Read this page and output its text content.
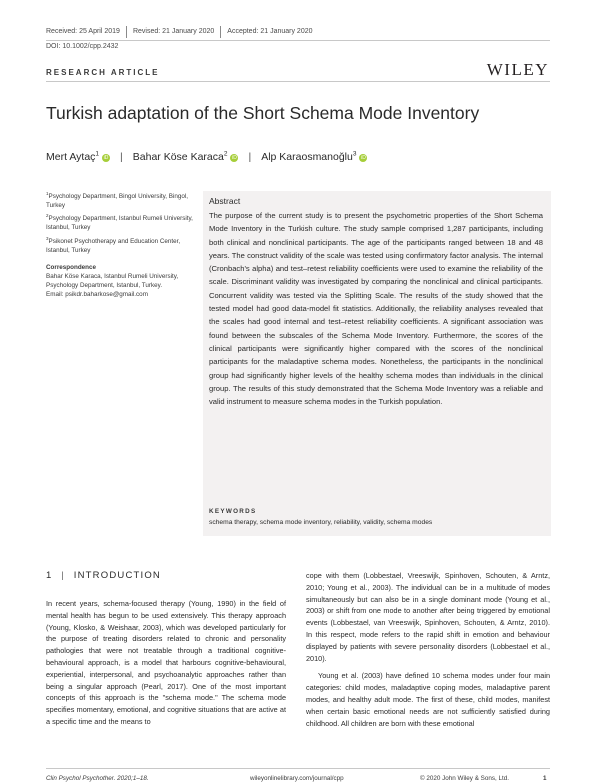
Received: 25 April 2019 Revised: 21 January 2020 Accepted: 21 January 2020
DOI: 10.1002/cpp.2432
RESEARCH ARTICLE	WILEY
Turkish adaptation of the Short Schema Mode Inventory
Mert Aytaç$^1$iD | Bahar Köse Karaca$^2$iD | Alp Karaosmanoğlu$^3$iD
$^1$Psychology Department, Bingol University, Bingol, Turkey
$^2$Psychology Department, Istanbul Rumeli University, Istanbul, Turkey
$^3$Psikonet Psychotherapy and Education Center, Istanbul, Turkey
Correspondence
Bahar Köse Karaca, Istanbul Rumeli University, Psychology Department, Istanbul, Turkey.
Email: psikdr.baharkose@gmail.com
Abstract
The purpose of the current study is to present the psychometric properties of the Short Schema Mode Inventory in the Turkish culture. The study sample comprised 1,287 participants, including both clinical and nonclinical participants. The age of the participants ranged between 18 and 48 years. The construct validity of the scale was tested using confirmatory factor analysis. The internal (Cronbach's alpha) and test–retest reliability coefficients were used to examine the reliability of the scale. Discriminant validity was investigated by comparing the nonclinical and clinical participants. Concurrent validity was tested via the Splitting Scale. The results of the study showed that the tested model had good data-model fit statistics. Additionally, the reliability analyses revealed that the scales had good internal and test–retest reliability coefficients. A significant association was found between the subscales of the Schema Mode Inventory. Furthermore, the scores of the clinical participants were significantly higher compared with the scores of the nonclinical participants for the maladaptive schema modes. Nonetheless, the participants in the nonclinical group had significantly higher levels of the healthy schema modes than individuals in the clinical group. The results of this study demonstrated that the Schema Mode Inventory was a reliable and valid instrument to measure schema modes in the Turkish population.
KEYWORDS
schema therapy, schema mode inventory, reliability, validity, schema modes
1 | INTRODUCTION
In recent years, schema-focused therapy (Young, 1990) in the field of mental health has begun to be used extensively. This therapy approach (Young, Klosko, & Weishaar, 2003), which was developed particularly for the purpose of treating disorders related to chronic and personality pathologies that were not treatable through a traditional cognitive-behavioural approach, is a model that harbours cognitive-behavioural, experiential, interpersonal, and psychoanalytic approaches rather than being a singular approach (Pearl, 2017). One of the most important concepts of this approach is the "schema mode." The schema mode specifies momentary, emotional, and cognitive situations that are active at a specific time and the means to

cope with them (Lobbestael, Vreeswijk, Spinhoven, Schouten, & Arntz, 2010; Young et al., 2003). The individual can be in a multitude of modes simultaneously but can also be in a single dominant mode (Young et al., 2003) or shift from one mode to another after being triggered by emotional events (Lobbestael, van Vreeswijk, Spinhoven, Schouten, & Arntz, 2010). In this respect, mode refers to the rapid shift in emotion and behaviour displayed by patients with severe personality disorders (Lobbestael et al., 2010).

Young et al. (2003) have defined 10 schema modes under four main categories: child modes, maladaptive coping modes, maladaptive parent modes, and healthy adult mode. The first of these, child modes, manifest when certain basic emotional needs are not sufficiently satisfied during childhood. All children are born with these emotional

Clin Psychol Psychother. 2020;1–18.	wileyonlinelibrary.com/journal/cpp	© 2020 John Wiley & Sons, Ltd.	1
